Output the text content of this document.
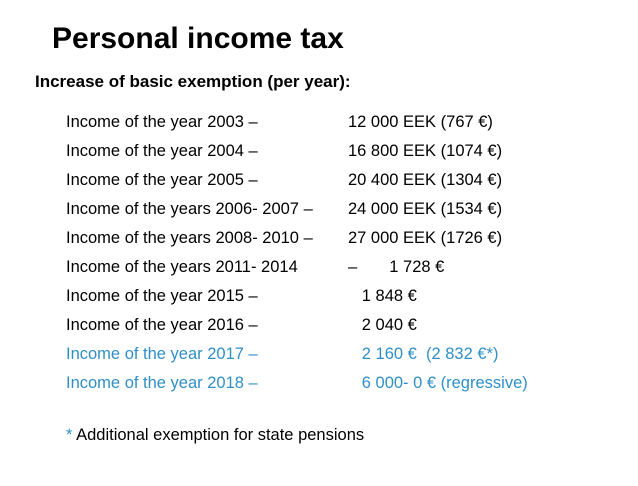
Personal income tax
Increase of basic exemption (per year):
Income of the year 2003 –	12 000 EEK (767 €)
Income of the year 2004 –	16 800 EEK (1074 €)
Income of the year 2005 –	20 400 EEK (1304 €)
Income of the years 2006- 2007 – 24 000 EEK (1534 €)
Income of the years 2008- 2010 – 27 000 EEK (1726 €)
Income of the years 2011- 2014	–       1 728 €
Income of the year 2015 –	1 848 €
Income of the year 2016 –	2 040 €
Income of the year 2017 –	2 160 €  (2 832 €*)
Income of the year 2018 –	6 000- 0 € (regressive)
* Additional exemption for state pensions
